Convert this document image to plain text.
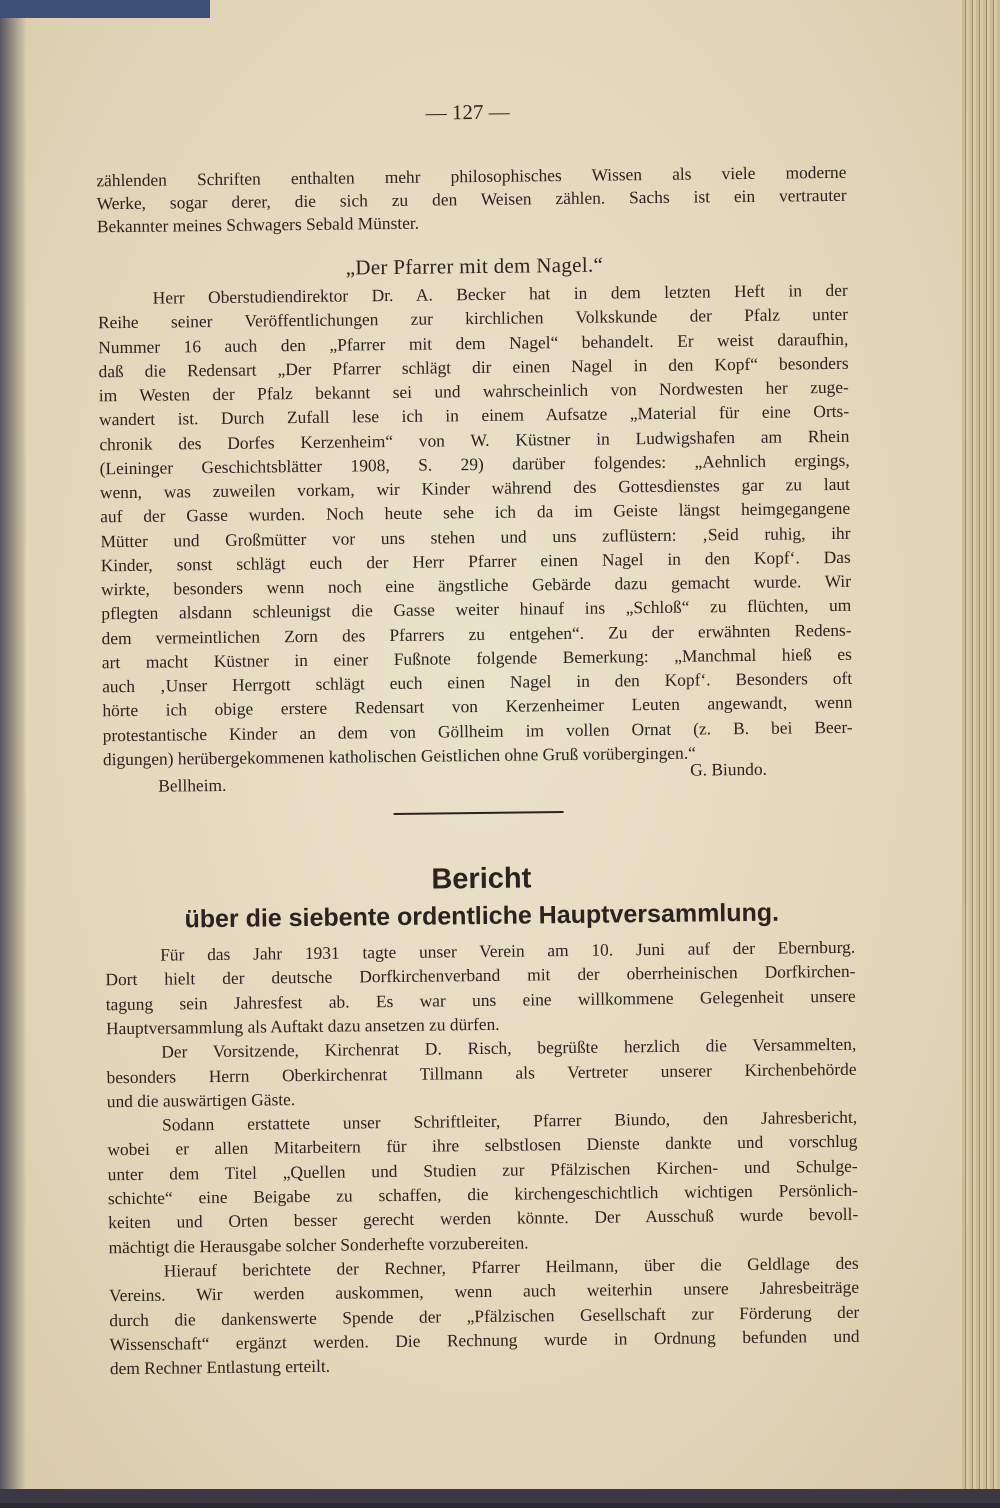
— 127 —
zählenden Schriften enthalten mehr philosophisches Wissen als viele moderne
Werke, sogar derer, die sich zu den Weisen zählen. Sachs ist ein vertrauter
Bekannter meines Schwagers Sebald Münster.
„Der Pfarrer mit dem Nagel.“
Herr Oberstudiendirektor Dr. A. Becker hat in dem letzten Heft in der
Reihe seiner Veröffentlichungen zur kirchlichen Volkskunde der Pfalz unter
Nummer 16 auch den „Pfarrer mit dem Nagel“ behandelt. Er weist daraufhin,
daß die Redensart „Der Pfarrer schlägt dir einen Nagel in den Kopf“ besonders
im Westen der Pfalz bekannt sei und wahrscheinlich von Nordwesten her zuge-
wandert ist. Durch Zufall lese ich in einem Aufsatze „Material für eine Orts-
chronik des Dorfes Kerzenheim“ von W. Küstner in Ludwigshafen am Rhein
(Leininger Geschichtsblätter 1908, S. 29) darüber folgendes: „Aehnlich ergings,
wenn, was zuweilen vorkam, wir Kinder während des Gottesdienstes gar zu laut
auf der Gasse wurden. Noch heute sehe ich da im Geiste längst heimgegangene
Mütter und Großmütter vor uns stehen und uns zuflüstern: ‚Seid ruhig, ihr
Kinder, sonst schlägt euch der Herr Pfarrer einen Nagel in den Kopf‘. Das
wirkte, besonders wenn noch eine ängstliche Gebärde dazu gemacht wurde. Wir
pflegten alsdann schleunigst die Gasse weiter hinauf ins „Schloß“ zu flüchten, um
dem vermeintlichen Zorn des Pfarrers zu entgehen“. Zu der erwähnten Redens-
art macht Küstner in einer Fußnote folgende Bemerkung: „Manchmal hieß es
auch ‚Unser Herrgott schlägt euch einen Nagel in den Kopf‘. Besonders oft
hörte ich obige erstere Redensart von Kerzenheimer Leuten angewandt, wenn
protestantische Kinder an dem von Göllheim im vollen Ornat (z. B. bei Beer-
digungen) herübergekommenen katholischen Geistlichen ohne Gruß vorübergingen.“
Bellheim.
G. Biundo.
Bericht
über die siebente ordentliche Hauptversammlung.
Für das Jahr 1931 tagte unser Verein am 10. Juni auf der Ebernburg.
Dort hielt der deutsche Dorfkirchenverband mit der oberrheinischen Dorfkirchen-
tagung sein Jahresfest ab. Es war uns eine willkommene Gelegenheit unsere
Hauptversammlung als Auftakt dazu ansetzen zu dürfen.
Der Vorsitzende, Kirchenrat D. Risch, begrüßte herzlich die Versammelten,
besonders Herrn Oberkirchenrat Tillmann als Vertreter unserer Kirchenbehörde
und die auswärtigen Gäste.
Sodann erstattete unser Schriftleiter, Pfarrer Biundo, den Jahresbericht,
wobei er allen Mitarbeitern für ihre selbstlosen Dienste dankte und vorschlug
unter dem Titel „Quellen und Studien zur Pfälzischen Kirchen- und Schulge-
schichte“ eine Beigabe zu schaffen, die kirchengeschichtlich wichtigen Persönlich-
keiten und Orten besser gerecht werden könnte. Der Ausschuß wurde bevoll-
mächtigt die Herausgabe solcher Sonderhefte vorzubereiten.
Hierauf berichtete der Rechner, Pfarrer Heilmann, über die Geldlage des
Vereins. Wir werden auskommen, wenn auch weiterhin unsere Jahresbeiträge
durch die dankenswerte Spende der „Pfälzischen Gesellschaft zur Förderung der
Wissenschaft“ ergänzt werden. Die Rechnung wurde in Ordnung befunden und
dem Rechner Entlastung erteilt.
